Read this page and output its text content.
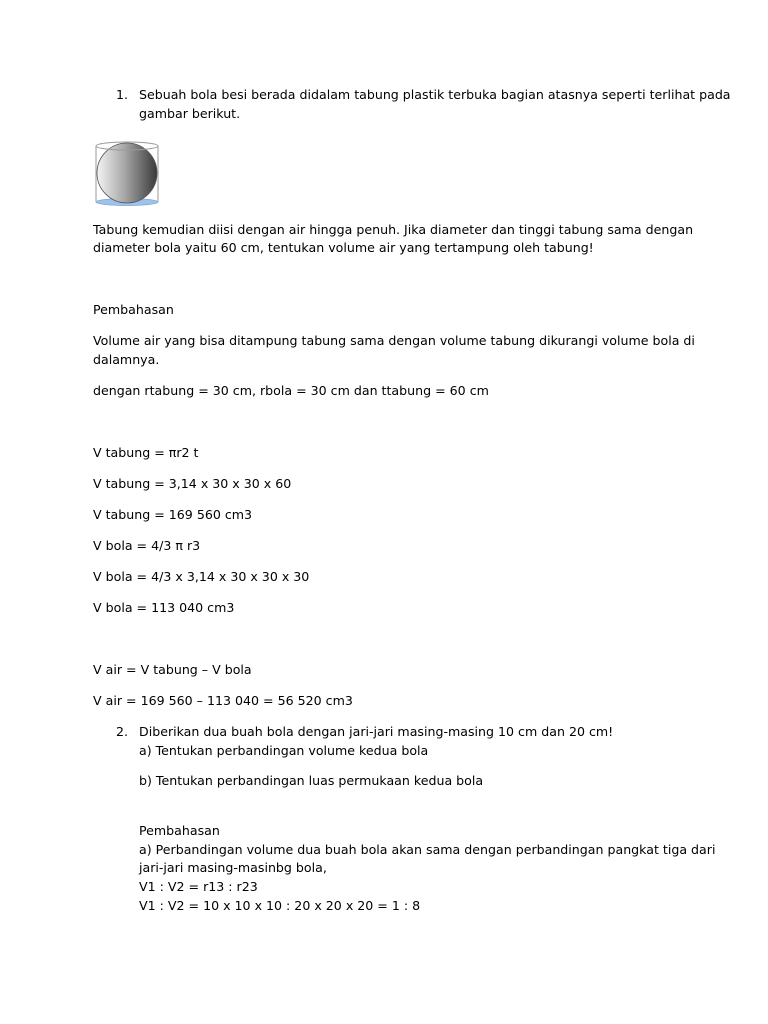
1. Sebuah bola besi berada didalam tabung plastik terbuka bagian atasnya seperti terlihat pada
gambar berikut.
Tabung kemudian diisi dengan air hingga penuh. Jika diameter dan tinggi tabung sama dengan
diameter bola yaitu 60 cm, tentukan volume air yang tertampung oleh tabung!
Pembahasan
Volume air yang bisa ditampung tabung sama dengan volume tabung dikurangi volume bola di
dalamnya.
dengan rtabung = 30 cm, rbola = 30 cm dan ttabung = 60 cm
V tabung = πr2 t
V tabung = 3,14 x 30 x 30 x 60
V tabung = 169 560 cm3
V bola = 4/3 π r3
V bola = 4/3 x 3,14 x 30 x 30 x 30
V bola = 113 040 cm3
V air = V tabung – V bola
V air = 169 560 – 113 040 = 56 520 cm3
2. Diberikan dua buah bola dengan jari-jari masing-masing 10 cm dan 20 cm!
a) Tentukan perbandingan volume kedua bola
b) Tentukan perbandingan luas permukaan kedua bola
Pembahasan
a) Perbandingan volume dua buah bola akan sama dengan perbandingan pangkat tiga dari
jari-jari masing-masinbg bola,
V1 : V2 = r13 : r23
V1 : V2 = 10 x 10 x 10 : 20 x 20 x 20 = 1 : 8
